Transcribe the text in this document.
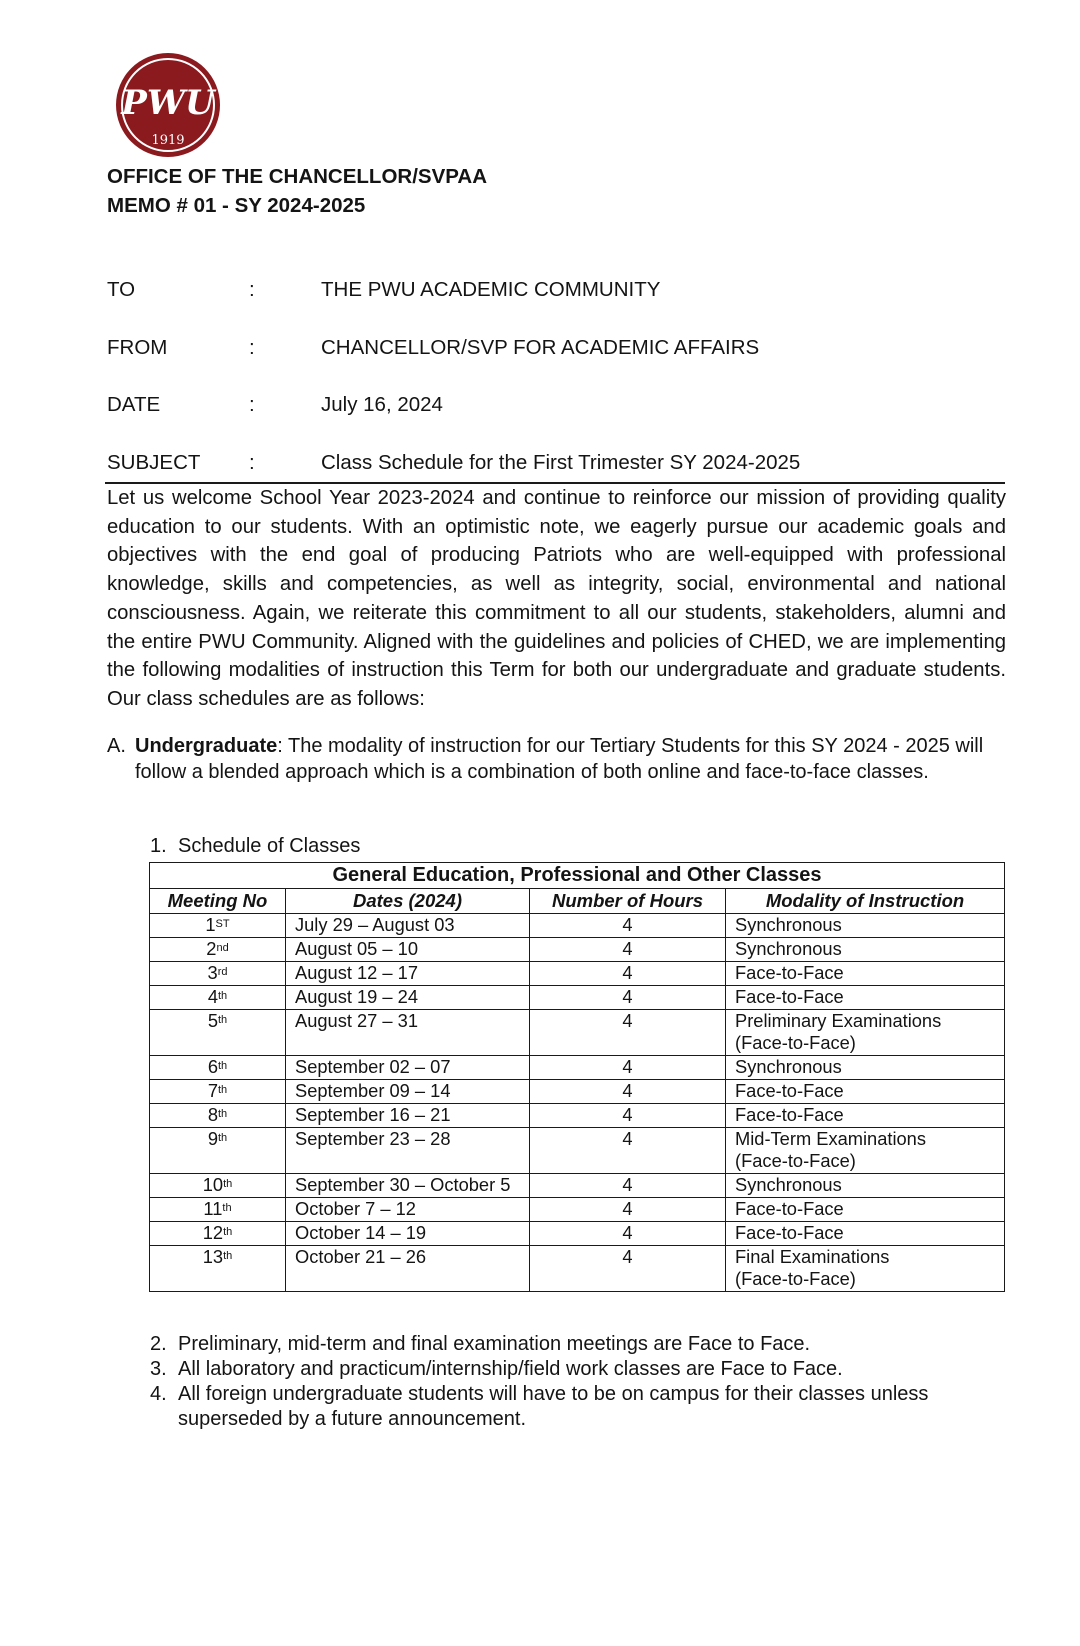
PWU
1919
OFFICE OF THE CHANCELLOR/SVPAA
MEMO # 01 - SY 2024-2025
TO	:	THE PWU ACADEMIC COMMUNITY
FROM	:	CHANCELLOR/SVP FOR ACADEMIC AFFAIRS
DATE	:	July 16, 2024
SUBJECT :	Class Schedule for the First Trimester SY 2024-2025
Let us welcome School Year 2023-2024 and continue to reinforce our mission of providing quality education to our students. With an optimistic note, we eagerly pursue our academic goals and objectives with the end goal of producing Patriots who are well-equipped with professional knowledge, skills and competencies, as well as integrity, social, environmental and national consciousness. Again, we reiterate this commitment to all our students, stakeholders, alumni and the entire PWU Community. Aligned with the guidelines and policies of CHED, we are implementing the following modalities of instruction this Term for both our undergraduate and graduate students. Our class schedules are as follows:
A. Undergraduate: The modality of instruction for our Tertiary Students for this SY 2024 - 2025 will follow a blended approach which is a combination of both online and face-to-face classes.
1. Schedule of Classes
General Education, Professional and Other Classes			
Meeting No	Dates (2024)	Number of Hours	Modality of Instruction
1ST	July 29 – August 03	4	Synchronous

2nd	August 05 – 10	4	Synchronous

3rd	August 12 – 17	4	Face-to-Face

4th	August 19 – 24	4	Face-to-Face

5th	August 27 – 31	4	Preliminary Examinations
(Face-to-Face)

6th	September 02 – 07	4	Synchronous

7th	September 09 – 14	4	Face-to-Face

8th	September 16 – 21	4	Face-to-Face

9th	September 23 – 28	4	Mid-Term Examinations
(Face-to-Face)

10th	September 30 – October 5	4	Synchronous

11th	October 7 – 12	4	Face-to-Face

12th	October 14 – 19	4	Face-to-Face

13th	October 21 – 26	4	Final Examinations
(Face-to-Face)
2. Preliminary, mid-term and final examination meetings are Face to Face.
3. All laboratory and practicum/internship/field work classes are Face to Face.
4. All foreign undergraduate students will have to be on campus for their classes unless superseded by a future announcement.
